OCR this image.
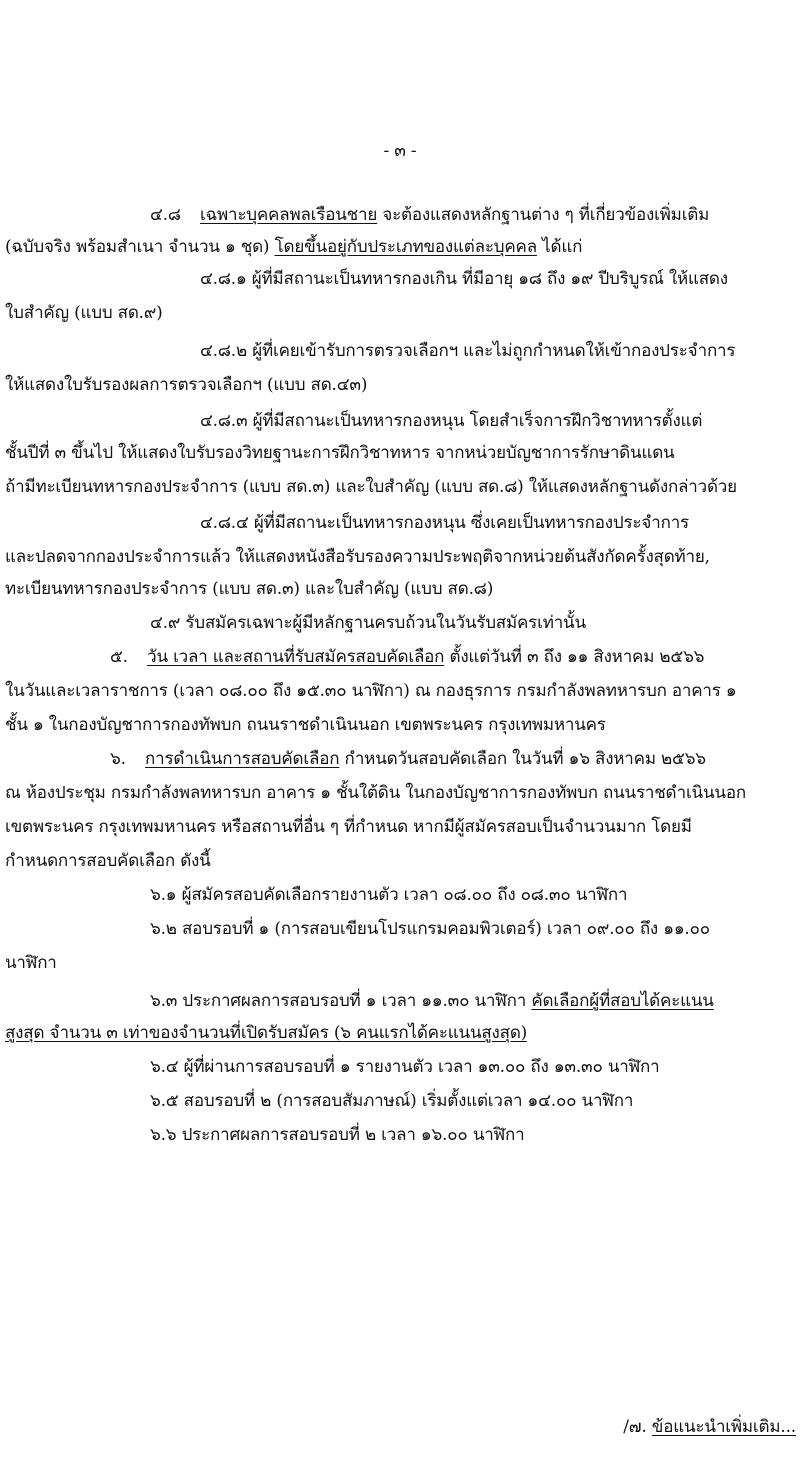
- ๓ -
๔.๘ เฉพาะบุคคลพลเรือนชาย จะต้องแสดงหลักฐานต่าง ๆ ที่เกี่ยวข้องเพิ่มเติม
(ฉบับจริง พร้อมสำเนา จำนวน ๑ ชุด) โดยขึ้นอยู่กับประเภทของแต่ละบุคคล ได้แก่
๔.๘.๑ ผู้ที่มีสถานะเป็นทหารกองเกิน ที่มีอายุ ๑๘ ถึง ๑๙ ปีบริบูรณ์ ให้แสดง
ใบสำคัญ (แบบ สด.๙)
๔.๘.๒ ผู้ที่เคยเข้ารับการตรวจเลือกฯ และไม่ถูกกำหนดให้เข้ากองประจำการ
ให้แสดงใบรับรองผลการตรวจเลือกฯ (แบบ สด.๔๓)
๔.๘.๓ ผู้ที่มีสถานะเป็นทหารกองหนุน โดยสำเร็จการฝึกวิชาทหารตั้งแต่
ชั้นปีที่ ๓ ขึ้นไป ให้แสดงใบรับรองวิทยฐานะการฝึกวิชาทหาร จากหน่วยบัญชาการรักษาดินแดน
ถ้ามีทะเบียนทหารกองประจำการ (แบบ สด.๓) และใบสำคัญ (แบบ สด.๘) ให้แสดงหลักฐานดังกล่าวด้วย
๔.๘.๔ ผู้ที่มีสถานะเป็นทหารกองหนุน ซึ่งเคยเป็นทหารกองประจำการ
และปลดจากกองประจำการแล้ว ให้แสดงหนังสือรับรองความประพฤติจากหน่วยต้นสังกัดครั้งสุดท้าย,
ทะเบียนทหารกองประจำการ (แบบ สด.๓) และใบสำคัญ (แบบ สด.๘)
๔.๙ รับสมัครเฉพาะผู้มีหลักฐานครบถ้วนในวันรับสมัครเท่านั้น
๕. วัน เวลา และสถานที่รับสมัครสอบคัดเลือก ตั้งแต่วันที่ ๓ ถึง ๑๑ สิงหาคม ๒๕๖๖
ในวันและเวลาราชการ (เวลา ๐๘.๐๐ ถึง ๑๕.๓๐ นาฬิกา) ณ กองธุรการ กรมกำลังพลทหารบก อาคาร ๑
ชั้น ๑ ในกองบัญชาการกองทัพบก ถนนราชดำเนินนอก เขตพระนคร กรุงเทพมหานคร
๖. การดำเนินการสอบคัดเลือก กำหนดวันสอบคัดเลือก ในวันที่ ๑๖ สิงหาคม ๒๕๖๖
ณ ห้องประชุม กรมกำลังพลทหารบก อาคาร ๑ ชั้นใต้ดิน ในกองบัญชาการกองทัพบก ถนนราชดำเนินนอก
เขตพระนคร กรุงเทพมหานคร หรือสถานที่อื่น ๆ ที่กำหนด หากมีผู้สมัครสอบเป็นจำนวนมาก โดยมี
กำหนดการสอบคัดเลือก ดังนี้
๖.๑ ผู้สมัครสอบคัดเลือกรายงานตัว เวลา ๐๘.๐๐ ถึง ๐๘.๓๐ นาฬิกา
๖.๒ สอบรอบที่ ๑ (การสอบเขียนโปรแกรมคอมพิวเตอร์) เวลา ๐๙.๐๐ ถึง ๑๑.๐๐
นาฬิกา
๖.๓ ประกาศผลการสอบรอบที่ ๑ เวลา ๑๑.๓๐ นาฬิกา คัดเลือกผู้ที่สอบได้คะแนน
สูงสุด จำนวน ๓ เท่าของจำนวนที่เปิดรับสมัคร (๖ คนแรกได้คะแนนสูงสุด)
๖.๔ ผู้ที่ผ่านการสอบรอบที่ ๑ รายงานตัว เวลา ๑๓.๐๐ ถึง ๑๓.๓๐ นาฬิกา
๖.๕ สอบรอบที่ ๒ (การสอบสัมภาษณ์) เริ่มตั้งแต่เวลา ๑๔.๐๐ นาฬิกา
๖.๖ ประกาศผลการสอบรอบที่ ๒ เวลา ๑๖.๐๐ นาฬิกา
/๗. ข้อแนะนำเพิ่มเติม...
